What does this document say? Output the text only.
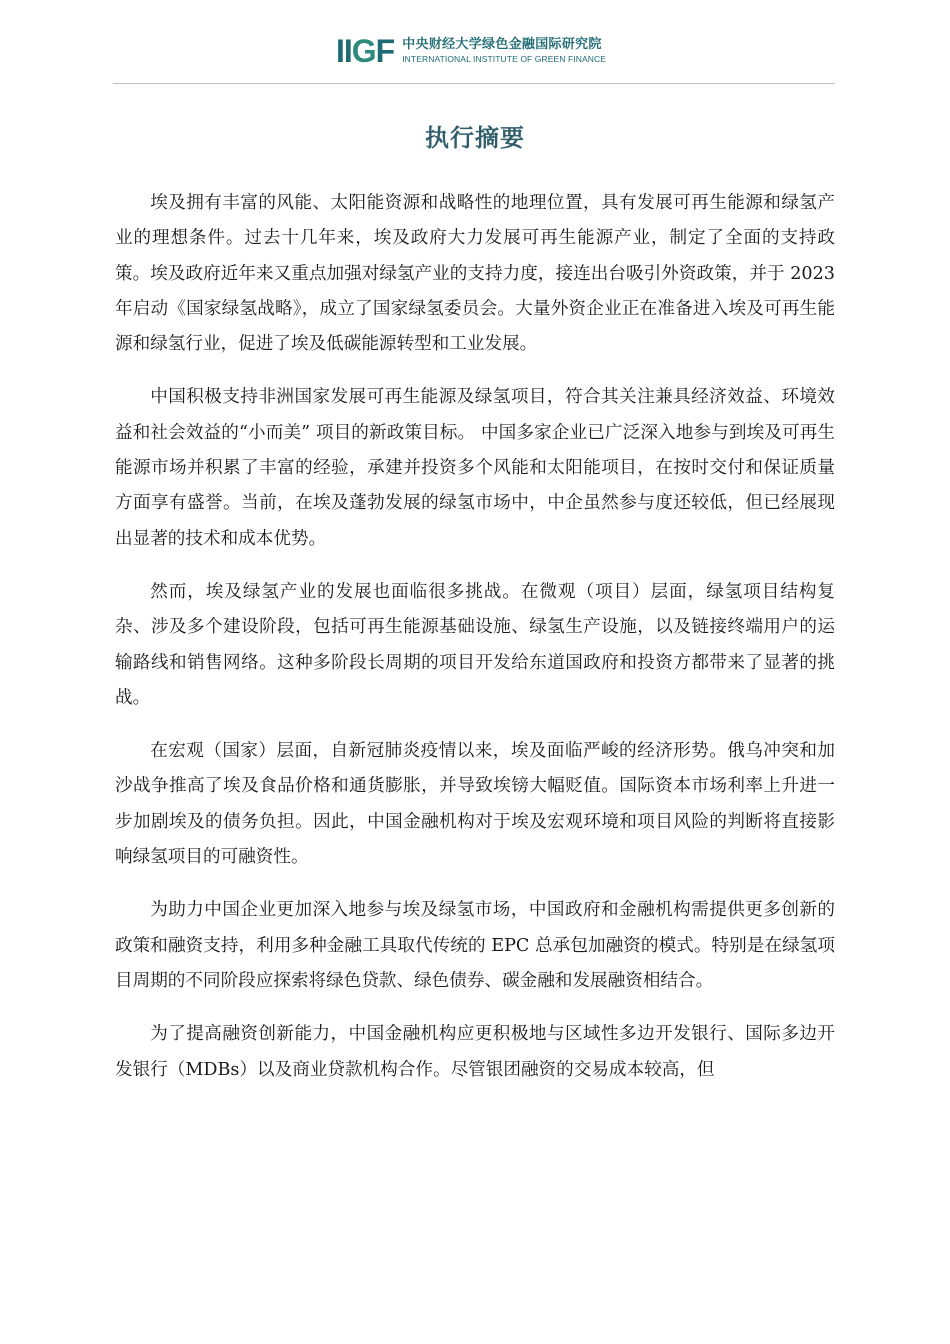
IIGF 中央财经大学绿色金融国际研究院
INTERNATIONAL INSTITUTE OF GREEN FINANCE
执行摘要

埃及拥有丰富的风能、太阳能资源和战略性的地理位置，具有发展可再生能源和绿氢产业的理想条件。过去十几年来，埃及政府大力发展可再生能源产业，制定了全面的支持政策。埃及政府近年来又重点加强对绿氢产业的支持力度，接连出台吸引外资政策，并于 2023 年启动《国家绿氢战略》，成立了国家绿氢委员会。大量外资企业正在准备进入埃及可再生能源和绿氢行业，促进了埃及低碳能源转型和工业发展。

中国积极支持非洲国家发展可再生能源及绿氢项目，符合其关注兼具经济效益、环境效益和社会效益的“小而美” 项目的新政策目标。 中国多家企业已广泛深入地参与到埃及可再生能源市场并积累了丰富的经验，承建并投资多个风能和太阳能项目，在按时交付和保证质量方面享有盛誉。当前，在埃及蓬勃发展的绿氢市场中，中企虽然参与度还较低，但已经展现出显著的技术和成本优势。

然而，埃及绿氢产业的发展也面临很多挑战。在微观（项目）层面，绿氢项目结构复杂、涉及多个建设阶段，包括可再生能源基础设施、绿氢生产设施，以及链接终端用户的运输路线和销售网络。这种多阶段长周期的项目开发给东道国政府和投资方都带来了显著的挑战。

在宏观（国家）层面，自新冠肺炎疫情以来，埃及面临严峻的经济形势。俄乌冲突和加沙战争推高了埃及食品价格和通货膨胀，并导致埃镑大幅贬值。国际资本市场利率上升进一步加剧埃及的债务负担。因此，中国金融机构对于埃及宏观环境和项目风险的判断将直接影响绿氢项目的可融资性。

为助力中国企业更加深入地参与埃及绿氢市场，中国政府和金融机构需提供更多创新的政策和融资支持，利用多种金融工具取代传统的 EPC 总承包加融资的模式。特别是在绿氢项目周期的不同阶段应探索将绿色贷款、绿色债券、碳金融和发展融资相结合。

为了提高融资创新能力，中国金融机构应更积极地与区域性多边开发银行、国际多边开发银行（MDBs）以及商业贷款机构合作。尽管银团融资的交易成本较高，但
